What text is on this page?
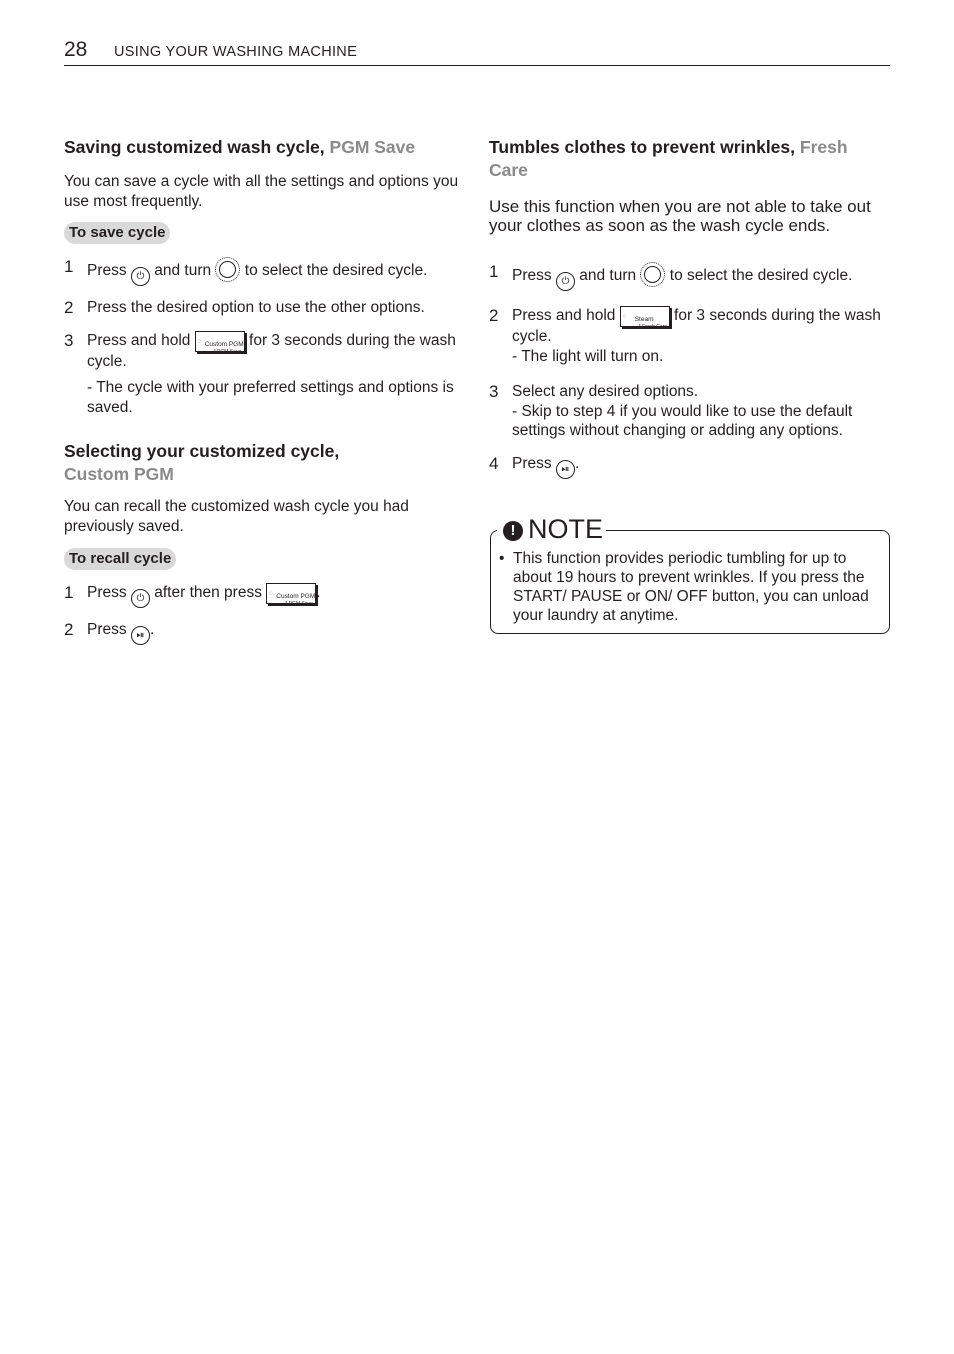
28 USING YOUR WASHING MACHINE
Saving customized wash cycle, PGM Save

You can save a cycle with all the settings and options you use most frequently.

To save cycle
1 Press ⏻ and turn to select the desired cycle.
2 Press the desired option to use the other options.
3 Press and hold ◌ Custom PGM
* PGM Save
for 3 seconds during the wash cycle.
- The cycle with your preferred settings and options is saved.
Selecting your customized cycle, Custom PGM

You can recall the customized wash cycle you had previously saved.

To recall cycle
1 Press ⏻ after then press ◌ Custom PGM
* PGM Save
.
2 Press ⏯ .
Tumbles clothes to prevent wrinkles, Fresh Care

Use this function when you are not able to take out your clothes as soon as the wash cycle ends.

1 Press ⏻ and turn to select the desired cycle.
2 Press and hold ◌ Steam
* Fresh Care
for 3 seconds during the wash cycle.
- The light will turn on.
3 Select any desired options.
- Skip to step 4 if you would like to use the default settings without changing or adding any options.
4 Press ⏯ .
• This function provides periodic tumbling for up to about 19 hours to prevent wrinkles. If you press the START/ PAUSE or ON/ OFF button, you can unload your laundry at anytime.
! NOTE
